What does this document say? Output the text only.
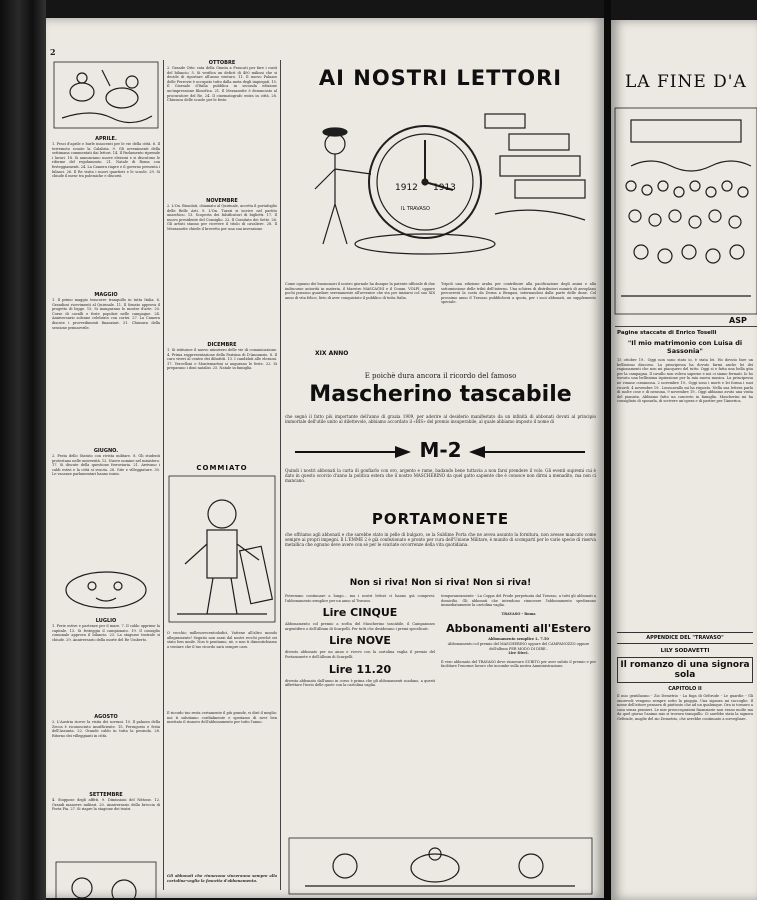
2
APRILE.
1. Pesci d'aprile e burle innocenti per le vie della città. 6. Il terremoto scuote la Calabria. 9. Gli avvenimenti della settimana commentati dai lettori. 14. Il Parlamento riprende i lavori. 18. Si annunciano nuove elezioni e si discutono le riforme del regolamento. 21. Natale di Roma con festeggiamenti. 24. La Camera riapre e il governo presenta i bilanci. 26. Il Re visita i nuovi quartieri e le scuole. 29. Si chiude il mese tra polemiche e discorsi.
MAGGIO
1. Il primo maggio trascorre tranquillo in tutta Italia. 6. Grandiosi ricevimenti al Quirinale. 11. Il Senato approva il progetto di legge. 15. Si inaugurano le mostre d'arte. 20. Corse di cavalli e feste popolari nelle campagne. 24. Anniversario solenne celebrato con cortei. 27. La Camera discute i provvedimenti finanziari. 31. Chiusura della sessione primaverile.
GIUGNO.
2. Festa dello Statuto con rivista militare. 8. Gli studenti protestano nelle università. 12. Nuove nomine nel ministero. 17. Si discute della questione ferroviaria. 21. Arrivano i caldi estivi e la città si svuota. 28. Gite e villeggiature. 30. Le vacanze parlamentari hanno inizio.
LUGLIO
1. Ferie estive e partenze per il mare. 7. Il caldo opprime la capitale. 13. Si festeggia il campionato. 19. Il consiglio comunale approva il bilancio. 23. La stagione teatrale si chiude. 29. Anniversario della morte del Re Umberto.
AGOSTO
2. L'Austria riceve la visita dei sovrani. 10. Il palazzo della Zecca è riconosciuto insufficiente. 15. Ferragosto e festa dell'Assunta. 22. Grande caldo in tutta la penisola. 28. Ritorno dei villeggianti in città.
SETTEMBRE
4. Stoppose degli affitti. 9. Dimissioni del Nittone. 12. Grandi manovre militari. 20. Anniversario della breccia di Porta Pia. 27. Si riapre la stagione dei teatri.
OTTOBRE
2. Grande Otto: rata della Giunta a Frascati per fare i conti del bilancio. 5. Si verifica un deficit di 400 milioni che si decide di riportare all'anno venturo. 11. Il nuovo Palazzo delle Ferrovie è occupato tutto dalla meta degli impiegati. 15. Il Giornale d'Italia pubblica in seconda edizione un'impressione filosofica. 21. Il Mezzanotte è denunciato al procuratore del Re. 24. Il cinematografo entra in città. 28. Chiusura delle scuole per le feste.
NOVEMBRE
2. L'On. Bissolati, chiamato al Quirinale, accetta il portafoglio delle Belle Arti. 9. L'On. Turati si iscrive nel partito anarchico. 13. Scoperta dei falsificatori di biglietti. 17. Il nuovo presidente del Consiglio. 22. Il Comitato dei Sette. 26. Gli artisti stanno per ricevere il titolo di cavaliere. 28. Il Mezzanotte chiede il brevetto per una sua invenzione.
DICEMBRE
1. Si istituisce il nuovo ministero delle vie di comunicazione. 4. Prima rappresentazione della Parisina di D'Annunzio. 8. Il caro viveri al centro dei dibattiti. 13. I candidati alle elezioni. 17. Vercelloni e Montemartini si augurano le feste. 22. Si preparano i doni natalizi. 25. Natale in famiglia.
COMMIATO
O vecchio millenovecentododici, Vattene all'altro mondo allegramente! Seguito non sarai dal nostri recchi perchè sei stato ben umile. Non ti pentiamo, nè, e non ti dimentichiamo a ventare che il tuo ricordo sarà sempre caro.
Il ricordo tuo resta certamente il più grande, vi dirò il meglio: noi ti salutiamo cordialmente e speriamo di aver ben meritato il rinnovo dell'abbonamento per tutto l'anno.
AI NOSTRI LETTORI
1912 1913
IL TRAVASO
Come ognuno dei buonumori il nostro giornale ha dunque la patente ufficiale di due indiscusse autorità in materia, il Maestro MASCAGNI e il Comm. VOLPI, oppure pochi possono guardare serenamente all'avvenire che sta per iniziarsi col suo XIX anno di vita felice, lieto di aver conquistato il pubblico di tutta Italia.
Tripoli una edizione araba per contribuire alla pacificazione degli animi e alla sottomissione delle tribù dell'interno. Una schiera di distributori munirà di aeroplano percorrerà la costa da Derna a Bengasi, internandosi dalla parte delle dune. Col prossimo anno il Travaso pubblicherà a quota, per i suoi abbonati, un supplemento speciale.
XIX ANNO
E poichè dura ancora il ricordo del famoso
Mascherino tascabile
che segnò il fatto più importante dell'anno di grazia 1909, per aderire al desiderio manifestato da un infinità di abbonati dovuti al principio immortale dell'utile unito al dilettevole, abbiamo accordato il «BIS» del premio insuperabile, al quale abbiamo imposto il nome di
M-2
Quindi i nostri abbonati la carta di gonfiarlo con oro, argento e rame, badando bene tuttavia a non farsi prendere il volo. Gli eventi supremi cui è dato in questo scorcio d'anno la politica estera che il nostro MASCHERINO da quel gatto sapiente che è conosce non dirmi a menadito, ma non ci mancano.
PORTAMONETE
che offriamo agli abbonati e che sarebbe stato in pelle di bulgaro, se la Sublime Porta che ne aveva assunto la fornitura, non avesse mancato come sempre ai propri impegni. Il L'EMME 2 è già confezionato e pronto per cura dell'Unione Militare, è munito di scompartí per le varie specie di riserva metallica che ognuno deve avere con sé per le svariate occorrenze della vita quotidiana.
Non si riva! Non si riva! Non si riva!
Potremmo continuare a lungo... ma i nostri lettori ci hanno già compresi: l'abbonamento semplice per un anno al Travaso.
Lire CINQUE
Abbonamento col premio a scelta del Mascherino tascabile, il Campanozzo argentifero o dell'Album di Scarpelli. Per tutti che desiderano i premi specificati:
Lire NOVE
divento abbonato per un anno e ricevo con la cartolina vaglia il premio del Portamonete e dell'Album di Scarpelli.
Lire 11.20
diventa abbonato dall'anno in corso è prima che gli abbonamenti scadano, a questi affrettare l'invio delle quote con la cartolina vaglia.
temporaneamente - La Coppa del Prode perpetuata dal Travaso, a tutti gli abbonati a domicilio. Gli abbonati che intendono rinnovare l'abbonamento spediranno immediatamente la cartolina vaglia.
TRAVASO - Roma
Abbonamenti all'Estero
Abbonamento semplice L. 7.50
Abbonamento col premio del MASCHERINO oppure del CAMPANOZZO oppure dell'album PER MODO DI DIRE..
Lire Dieci.
Il vero abbonato del TRAVASO deve rinnovare SUBITO per aver subito il premio e per facilitare l'enorme lavoro che incombe sulla nostra Amministrazione.
Gli abbonati che rinnovano vinceranno sempre alla cartolina-vaglia la fascetta d'abbonamento.
LA FINE D'A
ASP
Pagine staccate di Enrico Toselli
"Il mio matrimonio con Luisa di Sassonia"
15 ottobre 19.. Oggi non sono stato io, è stata lei. Ho dovuto fare un bellissimo discorso. La principessa ha dovuto farmi anche lei dei ragionamenti che non mi piacquero del tutto. Oggi si e fatta una bella gita per la campagna. Il cavallo non voleva saperne e noi ci siamo fermati. Io ho trovato una bellissima ispirazione per la mia nuova musica. La principessa ne rimase commossa. 2 novembre 19.. Oggi sono i morti e lei forma i suoi ricordi. 4 novembre 19.. Leoncavallo mi ha risposto. Nella sua lettera parla di molte cose e di nessuna. 9 novembre 19.. Oggi abbiamo avuto una visita del pianista. Abbiamo fatto un concerto in famiglia. Mascherini mi ha consigliato di sposarla, di scrivere un'opera e di partire per l'America.
APPENDICE DEL "TRAVASO"
LILY SODAVETTI
Il romanzo di una signora sola
CAPITOLO II
Il mio gentiluomo - Zio Demetrio - La fuga di Geltrude - Le guardie - Gli onorevoli vengono sempre sotto la pioggia. Una signora mi raccoglie. Il nome dell'attore pensava di piuttosto che ad un qualunque. Ora io tornavo a casa senza pensieri. Le mie preoccupazioni finanziarie non erano molte ma da quel giorno l'animo mio si trovava tranquillo. Ci sarebbe stata la signora Geltrude, moglie del zio Demetrio, che avrebbe continuato a sorvegliare.
